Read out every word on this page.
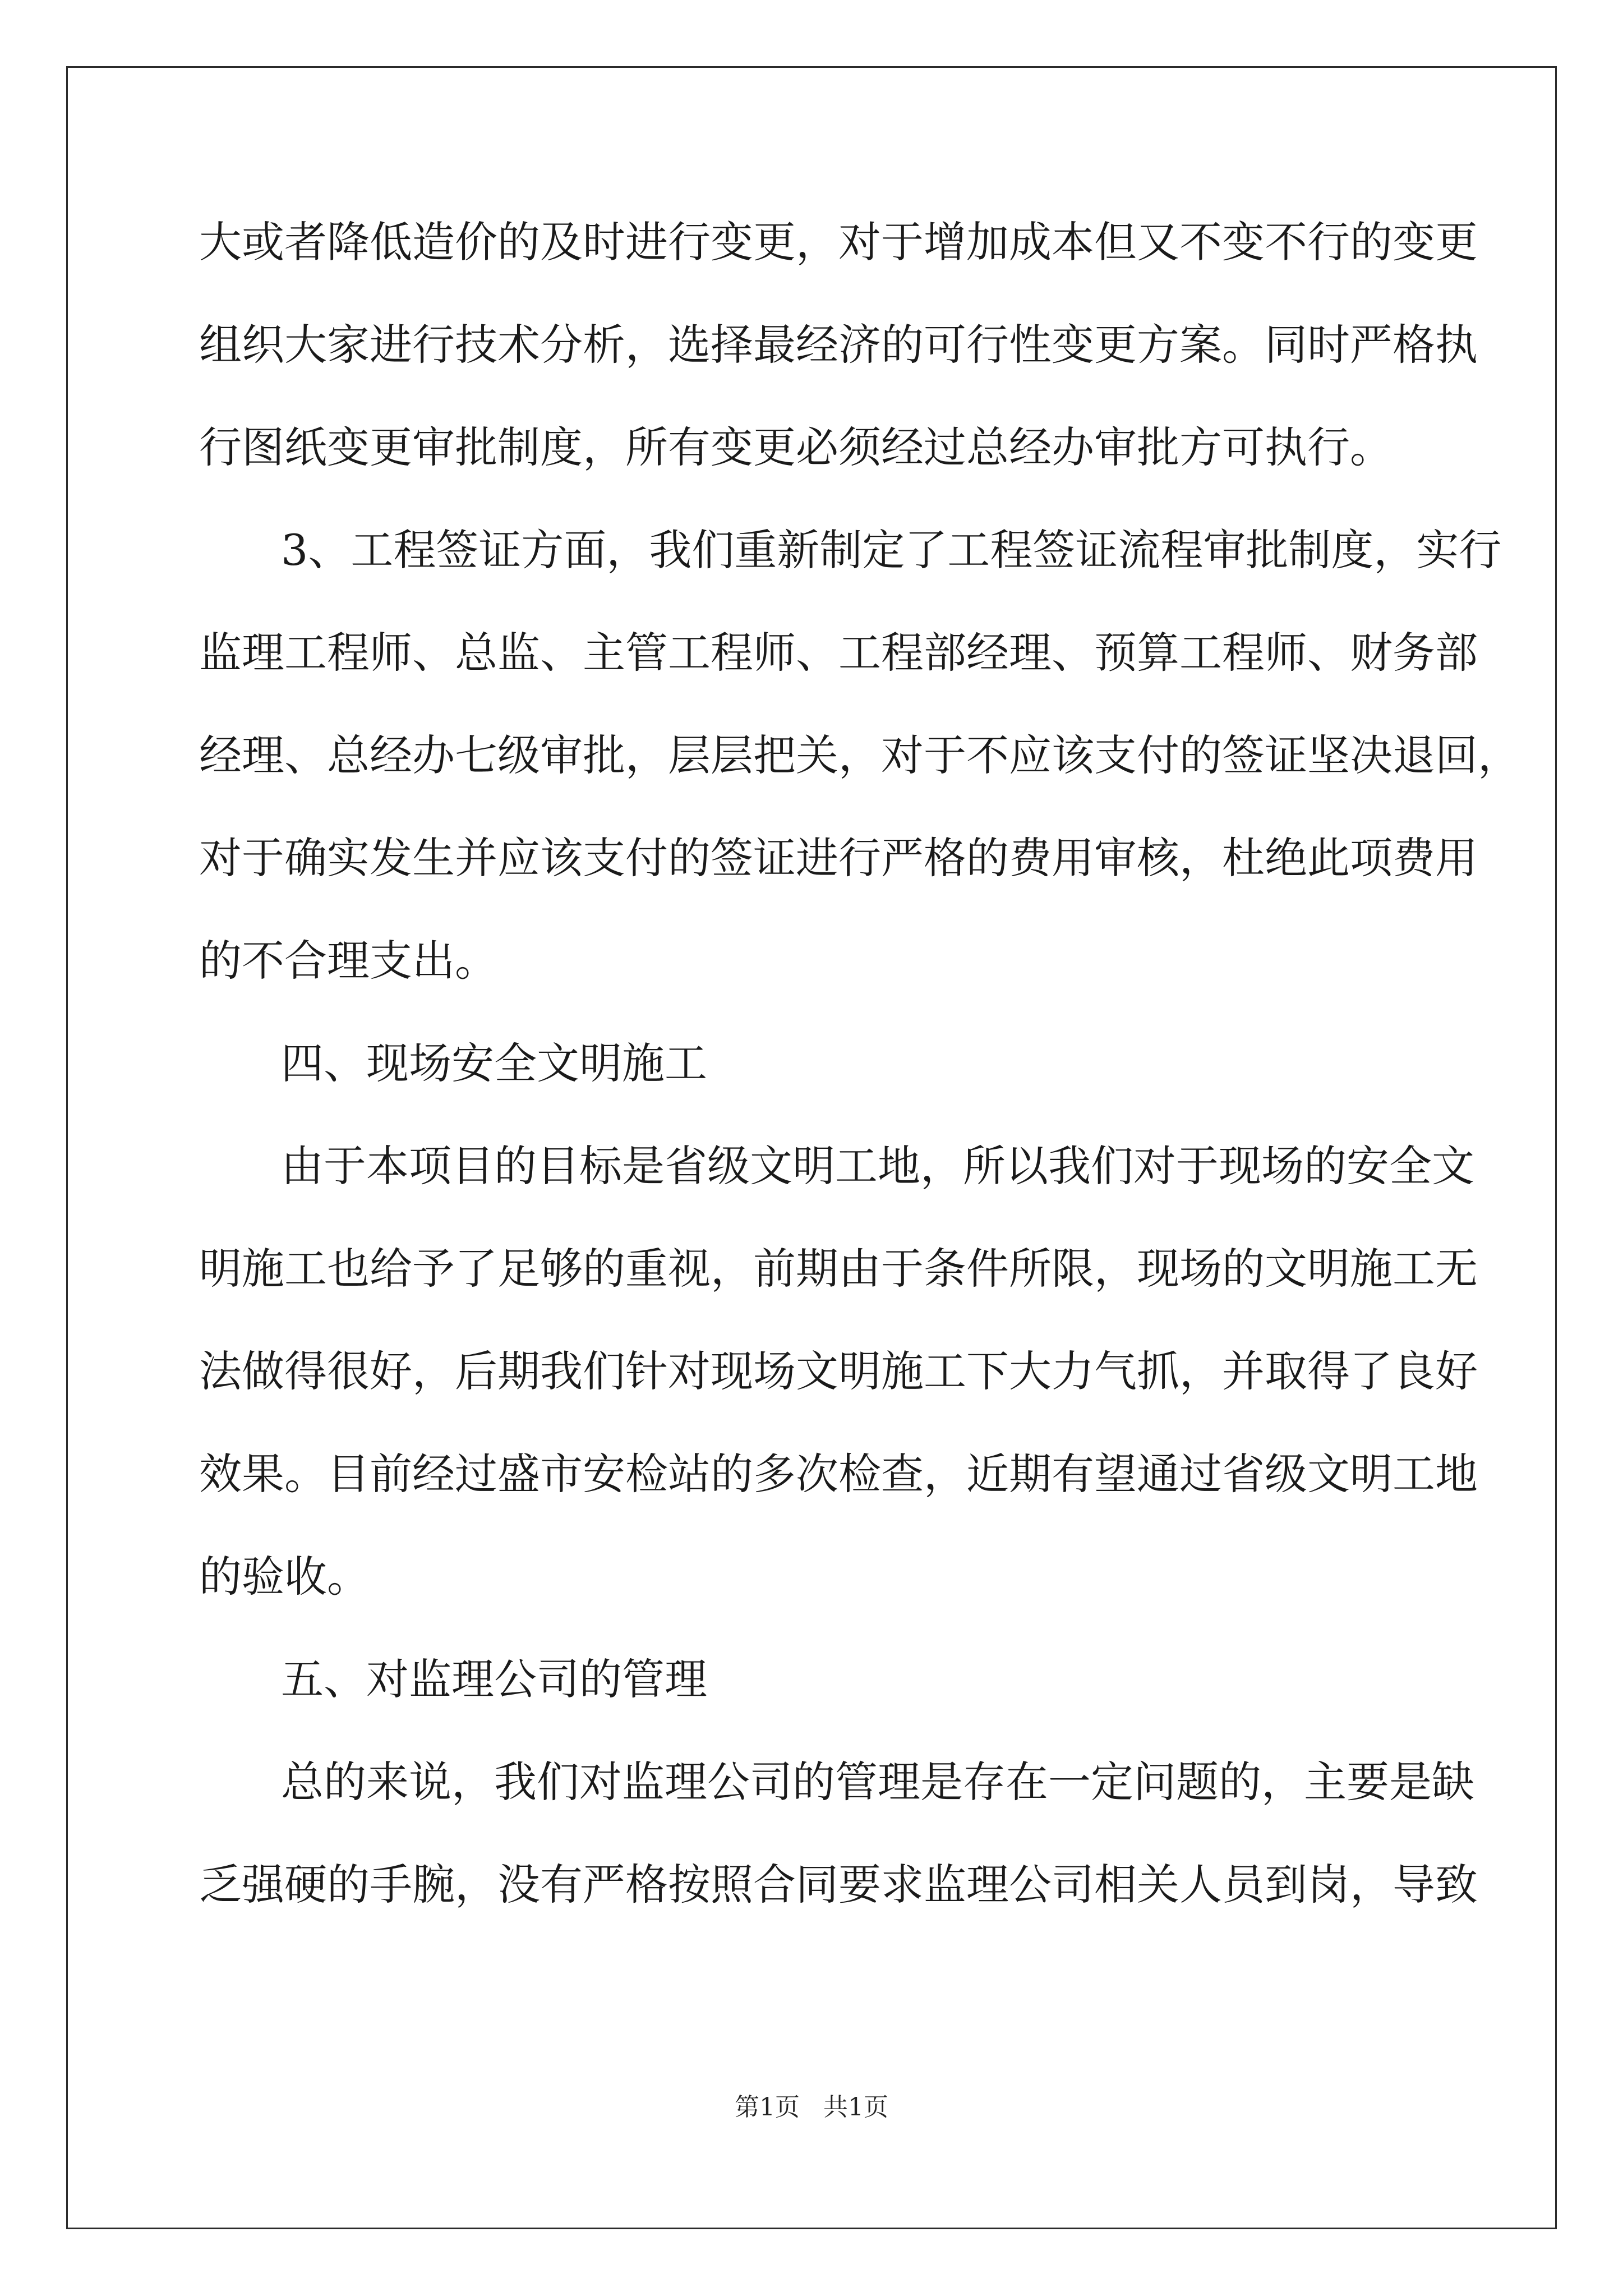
大或者降低造价的及时进行变更，对于增加成本但又不变不行的变更
组织大家进行技术分析，选择最经济的可行性变更方案。同时严格执
行图纸变更审批制度，所有变更必须经过总经办审批方可执行。
3、工程签证方面，我们重新制定了工程签证流程审批制度，实行
监理工程师、总监、主管工程师、工程部经理、预算工程师、财务部
经理、总经办七级审批，层层把关，对于不应该支付的签证坚决退回，
对于确实发生并应该支付的签证进行严格的费用审核，杜绝此项费用
的不合理支出。
四、现场安全文明施工
由于本项目的目标是省级文明工地，所以我们对于现场的安全文
明施工也给予了足够的重视，前期由于条件所限，现场的文明施工无
法做得很好，后期我们针对现场文明施工下大力气抓，并取得了良好
效果。目前经过盛市安检站的多次检查，近期有望通过省级文明工地
的验收。
五、对监理公司的管理
总的来说，我们对监理公司的管理是存在一定问题的，主要是缺
乏强硬的手腕，没有严格按照合同要求监理公司相关人员到岗，导致
第1页   共1页
